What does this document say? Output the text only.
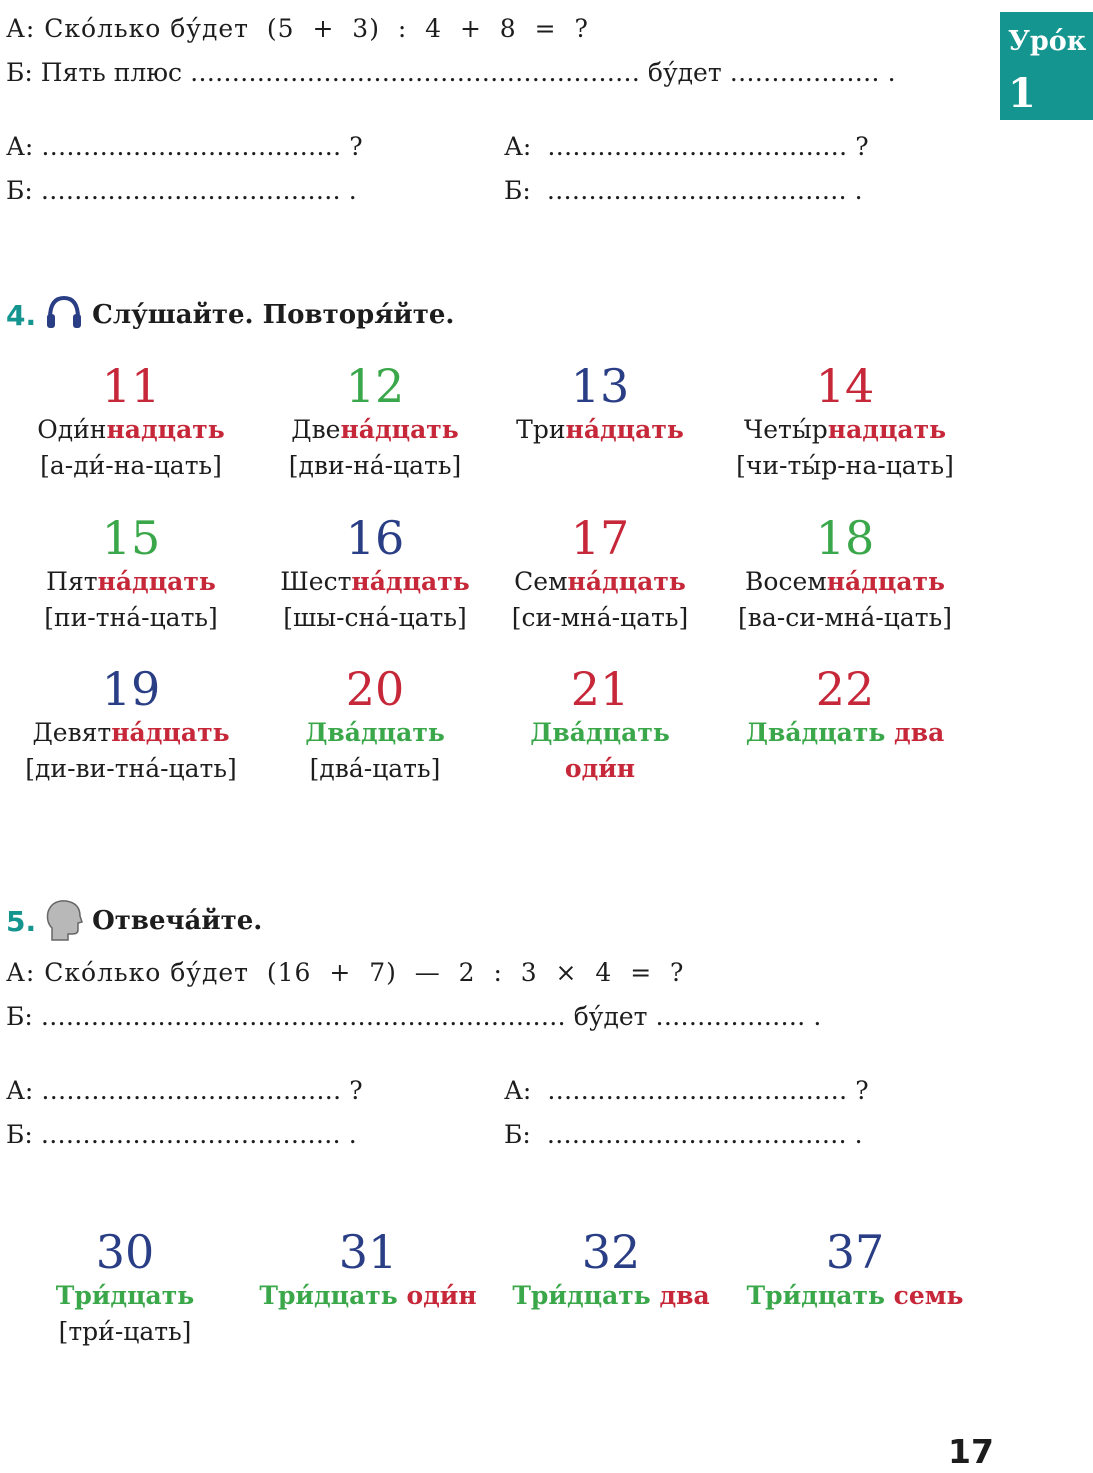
А: Ско́лько бу́дет  (5  +  3)  :  4  +  8  =  ?
Б: Пять плюс ……………………………………………… бу́дет ……………… .
А: ……………………………… ?
Б: ……………………………… .
А:  ……………………………… ?
Б:  ……………………………… .
Уро́к
1
4. Слу́шайте. Повторя́йте.
11
Оди́ннадцать
[а-ди́-на-цать]
12
Двена́дцать
[дви-на́-цать]
13
Трина́дцать
14
Четы́рнадцать
[чи-ты́р-на-цать]
15
Пятна́дцать
[пи-тна́-цать]
16
Шестна́дцать
[шы-сна́-цать]
17
Семна́дцать
[си-мна́-цать]
18
Восемна́дцать
[ва-си-мна́-цать]
19
Девятна́дцать
[ди-ви-тна́-цать]
20
Два́дцать
[два́-цать]
21
Два́дцать
оди́н
22
Два́дцать два
5. Отвеча́йте.
А: Ско́лько бу́дет  (16  +  7)  —  2  :  3  ×  4  =  ?
Б: ……………………………………………………… бу́дет ……………… .
А: ……………………………… ?
Б: ……………………………… .
А:  ……………………………… ?
Б:  ……………………………… .
30
Три́дцать
[три́-цать]
31
Три́дцать оди́н
32
Три́дцать два
37
Три́дцать семь
17
